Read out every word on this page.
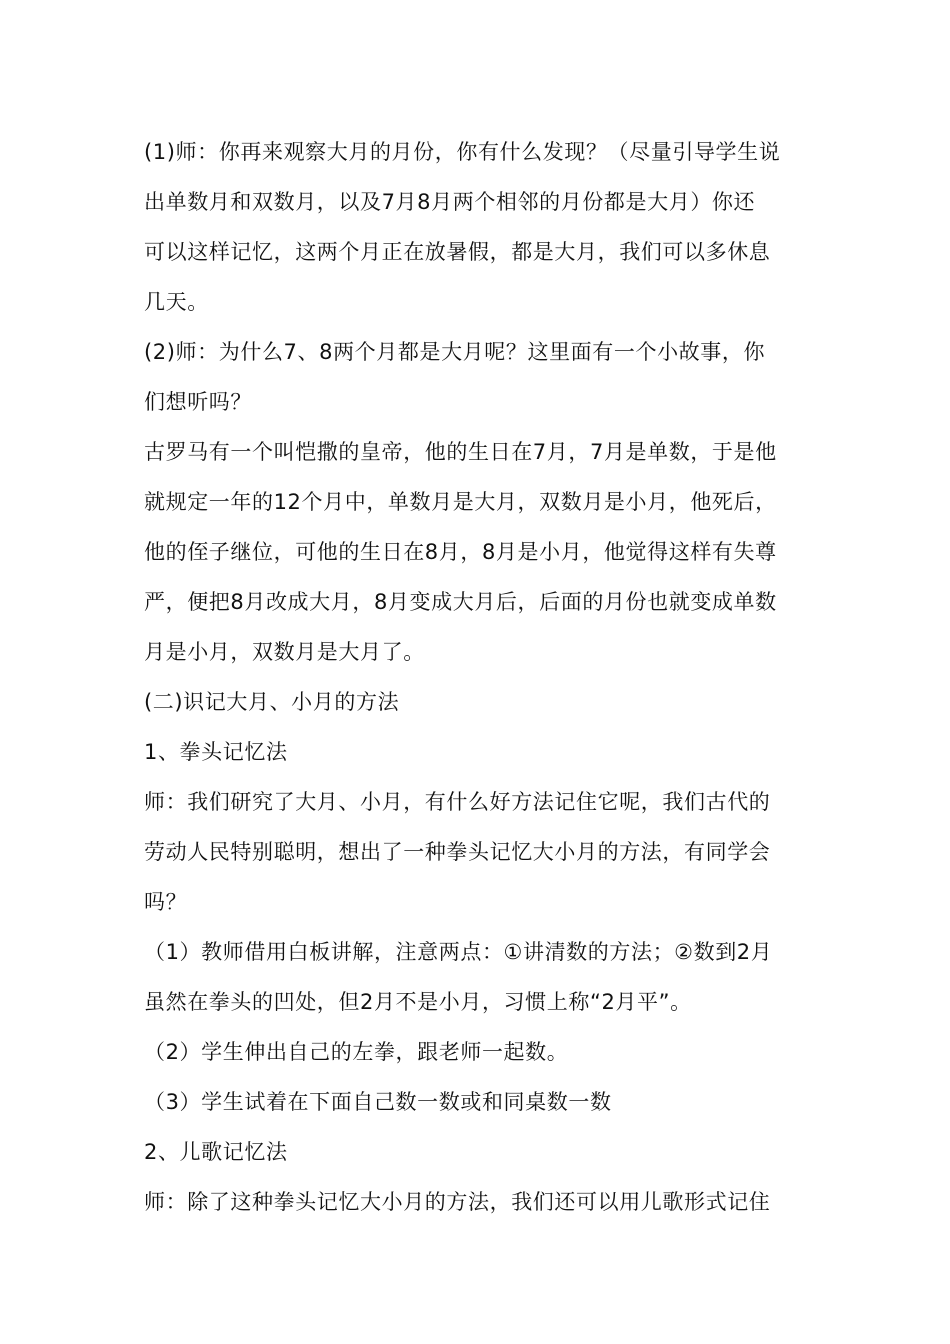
(1)师：你再来观察大月的月份，你有什么发现？（尽量引导学生说
出单数月和双数月，以及7月8月两个相邻的月份都是大月）你还
可以这样记忆，这两个月正在放暑假，都是大月，我们可以多休息
几天。
(2)师：为什么7、8两个月都是大月呢？这里面有一个小故事，你
们想听吗？
古罗马有一个叫恺撒的皇帝，他的生日在7月，7月是单数，于是他
就规定一年的12个月中，单数月是大月，双数月是小月，他死后，
他的侄子继位，可他的生日在8月，8月是小月，他觉得这样有失尊
严，便把8月改成大月，8月变成大月后，后面的月份也就变成单数
月是小月，双数月是大月了。
(二)识记大月、小月的方法
1、拳头记忆法
师：我们研究了大月、小月，有什么好方法记住它呢，我们古代的
劳动人民特别聪明，想出了一种拳头记忆大小月的方法，有同学会
吗？
（1）教师借用白板讲解，注意两点：①讲清数的方法；②数到2月
虽然在拳头的凹处，但2月不是小月，习惯上称“2月平”。
（2）学生伸出自己的左拳，跟老师一起数。
（3）学生试着在下面自己数一数或和同桌数一数
2、儿歌记忆法
师：除了这种拳头记忆大小月的方法，我们还可以用儿歌形式记住
